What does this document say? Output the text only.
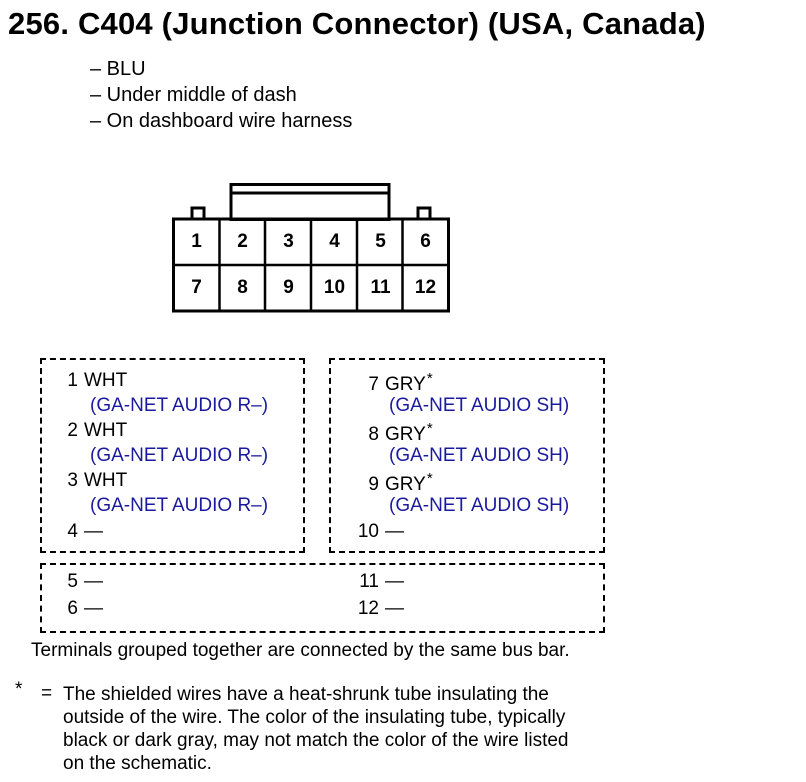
256. C404 (Junction Connector) (USA, Canada)
– BLU
– Under middle of dash
– On dashboard wire harness
1	2	3	4	5	6
7	8	9	10	11	12
1 WHT
(GA-NET AUDIO R–)
2 WHT
(GA-NET AUDIO R–)
3 WHT
(GA-NET AUDIO R–)
4 —
7 GRY*
(GA-NET AUDIO SH)
8 GRY*
(GA-NET AUDIO SH)
9 GRY*
(GA-NET AUDIO SH)
10 —
5 —
6 —
11 —
12 —
Terminals grouped together are connected by the same bus bar.
* = The shielded wires have a heat-shrunk tube insulating the
outside of the wire. The color of the insulating tube, typically
black or dark gray, may not match the color of the wire listed
on the schematic.
